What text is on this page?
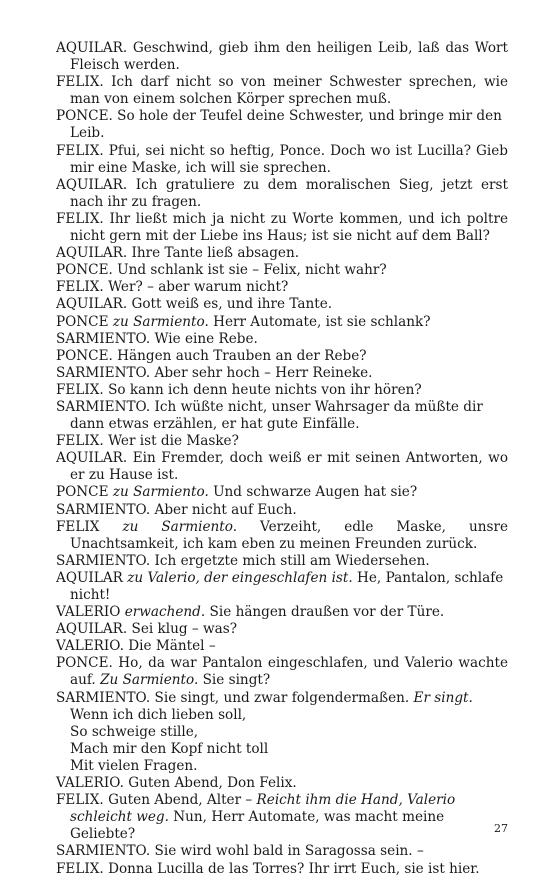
AQUILAR. Geschwind, gieb ihm den heiligen Leib, laß das Wort Fleisch werden.

FELIX. Ich darf nicht so von meiner Schwester sprechen, wie man von einem solchen Körper sprechen muß.

PONCE. So hole der Teufel deine Schwester, und bringe mir den Leib.

FELIX. Pfui, sei nicht so heftig, Ponce. Doch wo ist Lucilla? Gieb mir eine Maske, ich will sie sprechen.

AQUILAR. Ich gratuliere zu dem moralischen Sieg, jetzt erst nach ihr zu fragen.

FELIX. Ihr ließt mich ja nicht zu Worte kommen, und ich poltre nicht gern mit der Liebe ins Haus; ist sie nicht auf dem Ball?

AQUILAR. Ihre Tante ließ absagen.

PONCE. Und schlank ist sie – Felix, nicht wahr?

FELIX. Wer? – aber warum nicht?

AQUILAR. Gott weiß es, und ihre Tante.

PONCE zu Sarmiento. Herr Automate, ist sie schlank?

SARMIENTO. Wie eine Rebe.

PONCE. Hängen auch Trauben an der Rebe?

SARMIENTO. Aber sehr hoch – Herr Reineke.

FELIX. So kann ich denn heute nichts von ihr hören?

SARMIENTO. Ich wüßte nicht, unser Wahrsager da müßte dir dann etwas erzählen, er hat gute Einfälle.

FELIX. Wer ist die Maske?

AQUILAR. Ein Fremder, doch weiß er mit seinen Antworten, wo er zu Hause ist.

PONCE zu Sarmiento. Und schwarze Augen hat sie?

SARMIENTO. Aber nicht auf Euch.

FELIX zu Sarmiento. Verzeiht, edle Maske, unsre Unachtsamkeit, ich kam eben zu meinen Freunden zurück.

SARMIENTO. Ich ergetzte mich still am Wiedersehen.

AQUILAR zu Valerio, der eingeschlafen ist. He, Pantalon, schlafe nicht!

VALERIO erwachend. Sie hängen draußen vor der Türe.

AQUILAR. Sei klug – was?

VALERIO. Die Mäntel –

PONCE. Ho, da war Pantalon eingeschlafen, und Valerio wachte auf. Zu Sarmiento. Sie singt?

SARMIENTO. Sie singt, und zwar folgendermaßen. Er singt.

Wenn ich dich lieben soll,

So schweige stille,

Mach mir den Kopf nicht toll

Mit vielen Fragen.

VALERIO. Guten Abend, Don Felix.

FELIX. Guten Abend, Alter – Reicht ihm die Hand, Valerio schleicht weg. Nun, Herr Automate, was macht meine Geliebte?

SARMIENTO. Sie wird wohl bald in Saragossa sein. –

FELIX. Donna Lucilla de las Torres? Ihr irrt Euch, sie ist hier.

27
